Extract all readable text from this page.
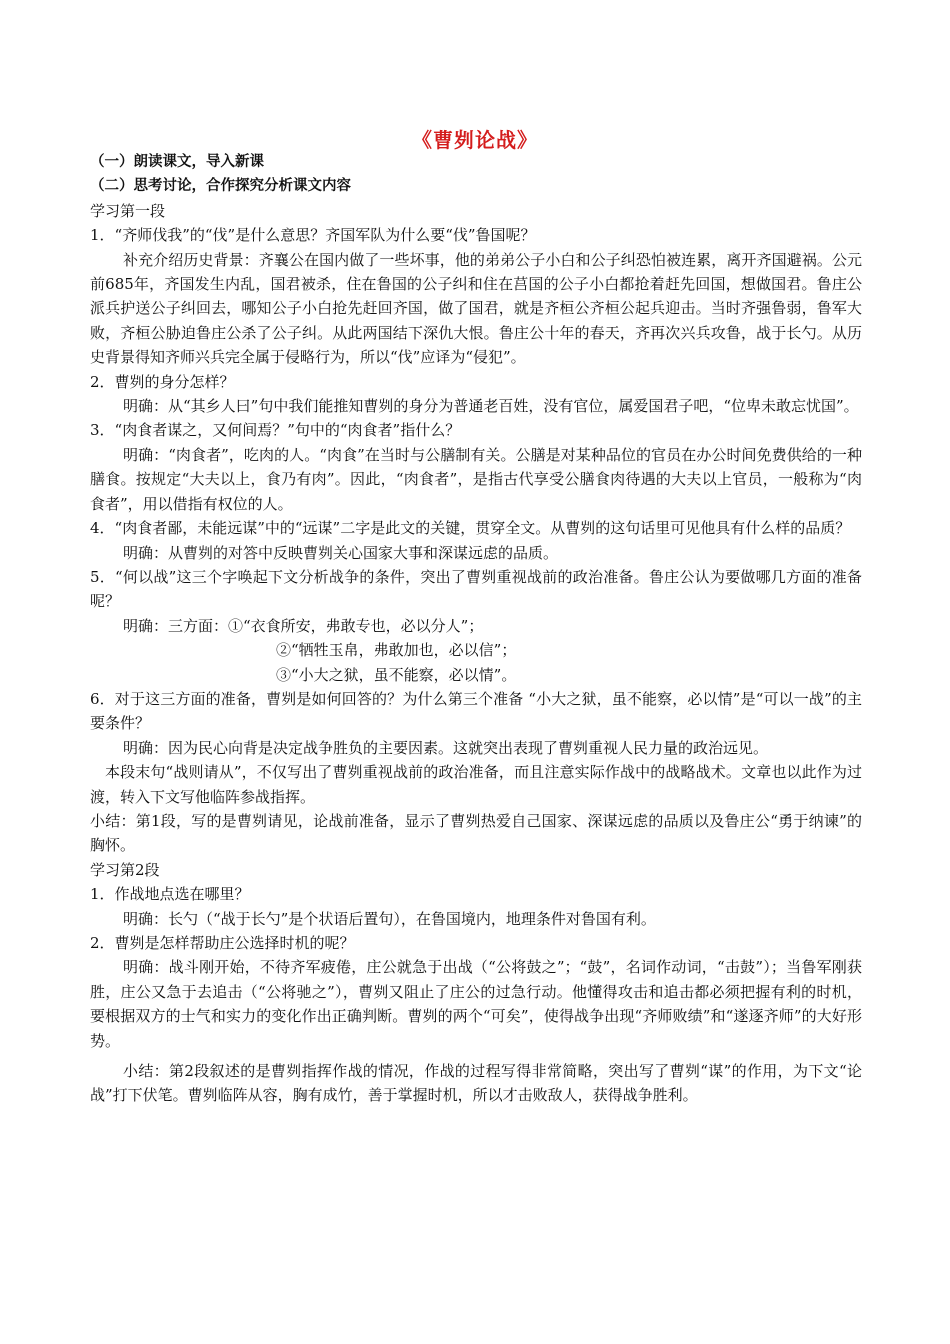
《曹刿论战》

（一）朗读课文，导入新课

（二）思考讨论，合作探究分析课文内容

学习第一段

1．“齐师伐我”的“伐”是什么意思？齐国军队为什么要“伐”鲁国呢？

补充介绍历史背景：齐襄公在国内做了一些坏事，他的弟弟公子小白和公子纠恐怕被连累，离开齐国避祸。公元前685年，齐国发生内乱，国君被杀，住在鲁国的公子纠和住在莒国的公子小白都抢着赶先回国，想做国君。鲁庄公派兵护送公子纠回去，哪知公子小白抢先赶回齐国，做了国君，就是齐桓公齐桓公起兵迎击。当时齐强鲁弱，鲁军大败，齐桓公胁迫鲁庄公杀了公子纠。从此两国结下深仇大恨。鲁庄公十年的春天，齐再次兴兵攻鲁，战于长勺。从历史背景得知齐师兴兵完全属于侵略行为，所以“伐”应译为“侵犯”。

2．曹刿的身分怎样？

明确：从“其乡人曰”句中我们能推知曹刿的身分为普通老百姓，没有官位，属爱国君子吧，“位卑未敢忘忧国”。

3．“肉食者谋之，又何间焉？”句中的“肉食者”指什么？

明确：“肉食者”，吃肉的人。“肉食”在当时与公膳制有关。公膳是对某种品位的官员在办公时间免费供给的一种膳食。按规定“大夫以上，食乃有肉”。因此，“肉食者”，是指古代享受公膳食肉待遇的大夫以上官员，一般称为“肉食者”，用以借指有权位的人。

4．“肉食者鄙，未能远谋”中的“远谋”二字是此文的关键，贯穿全文。从曹刿的这句话里可见他具有什么样的品质？

明确：从曹刿的对答中反映曹刿关心国家大事和深谋远虑的品质。

5．“何以战”这三个字唤起下文分析战争的条件，突出了曹刿重视战前的政治准备。鲁庄公认为要做哪几方面的准备呢？

明确：三方面：①“衣食所安，弗敢专也，必以分人”；

②“牺牲玉帛，弗敢加也，必以信”；

③“小大之狱，虽不能察，必以情”。

6．对于这三方面的准备，曹刿是如何回答的？为什么第三个准备 “小大之狱，虽不能察，必以情”是“可以一战”的主要条件？

明确：因为民心向背是决定战争胜负的主要因素。这就突出表现了曹刿重视人民力量的政治远见。

本段末句“战则请从”，不仅写出了曹刿重视战前的政治准备，而且注意实际作战中的战略战术。文章也以此作为过渡，转入下文写他临阵参战指挥。

小结：第1段，写的是曹刿请见，论战前准备，显示了曹刿热爱自己国家、深谋远虑的品质以及鲁庄公“勇于纳谏”的胸怀。

学习第2段

1．作战地点选在哪里？

明确：长勺（“战于长勺”是个状语后置句），在鲁国境内，地理条件对鲁国有利。

2．曹刿是怎样帮助庄公选择时机的呢？

明确：战斗刚开始，不待齐军疲倦，庄公就急于出战（“公将鼓之”；“鼓”，名词作动词，“击鼓”）；当鲁军刚获胜，庄公又急于去追击（“公将驰之”），曹刿又阻止了庄公的过急行动。他懂得攻击和追击都必须把握有利的时机，要根据双方的士气和实力的变化作出正确判断。曹刿的两个“可矣”，使得战争出现“齐师败绩”和“遂逐齐师”的大好形势。

小结：第2段叙述的是曹刿指挥作战的情况，作战的过程写得非常简略，突出写了曹刿“谋”的作用，为下文“论战”打下伏笔。曹刿临阵从容，胸有成竹，善于掌握时机，所以才击败敌人，获得战争胜利。
